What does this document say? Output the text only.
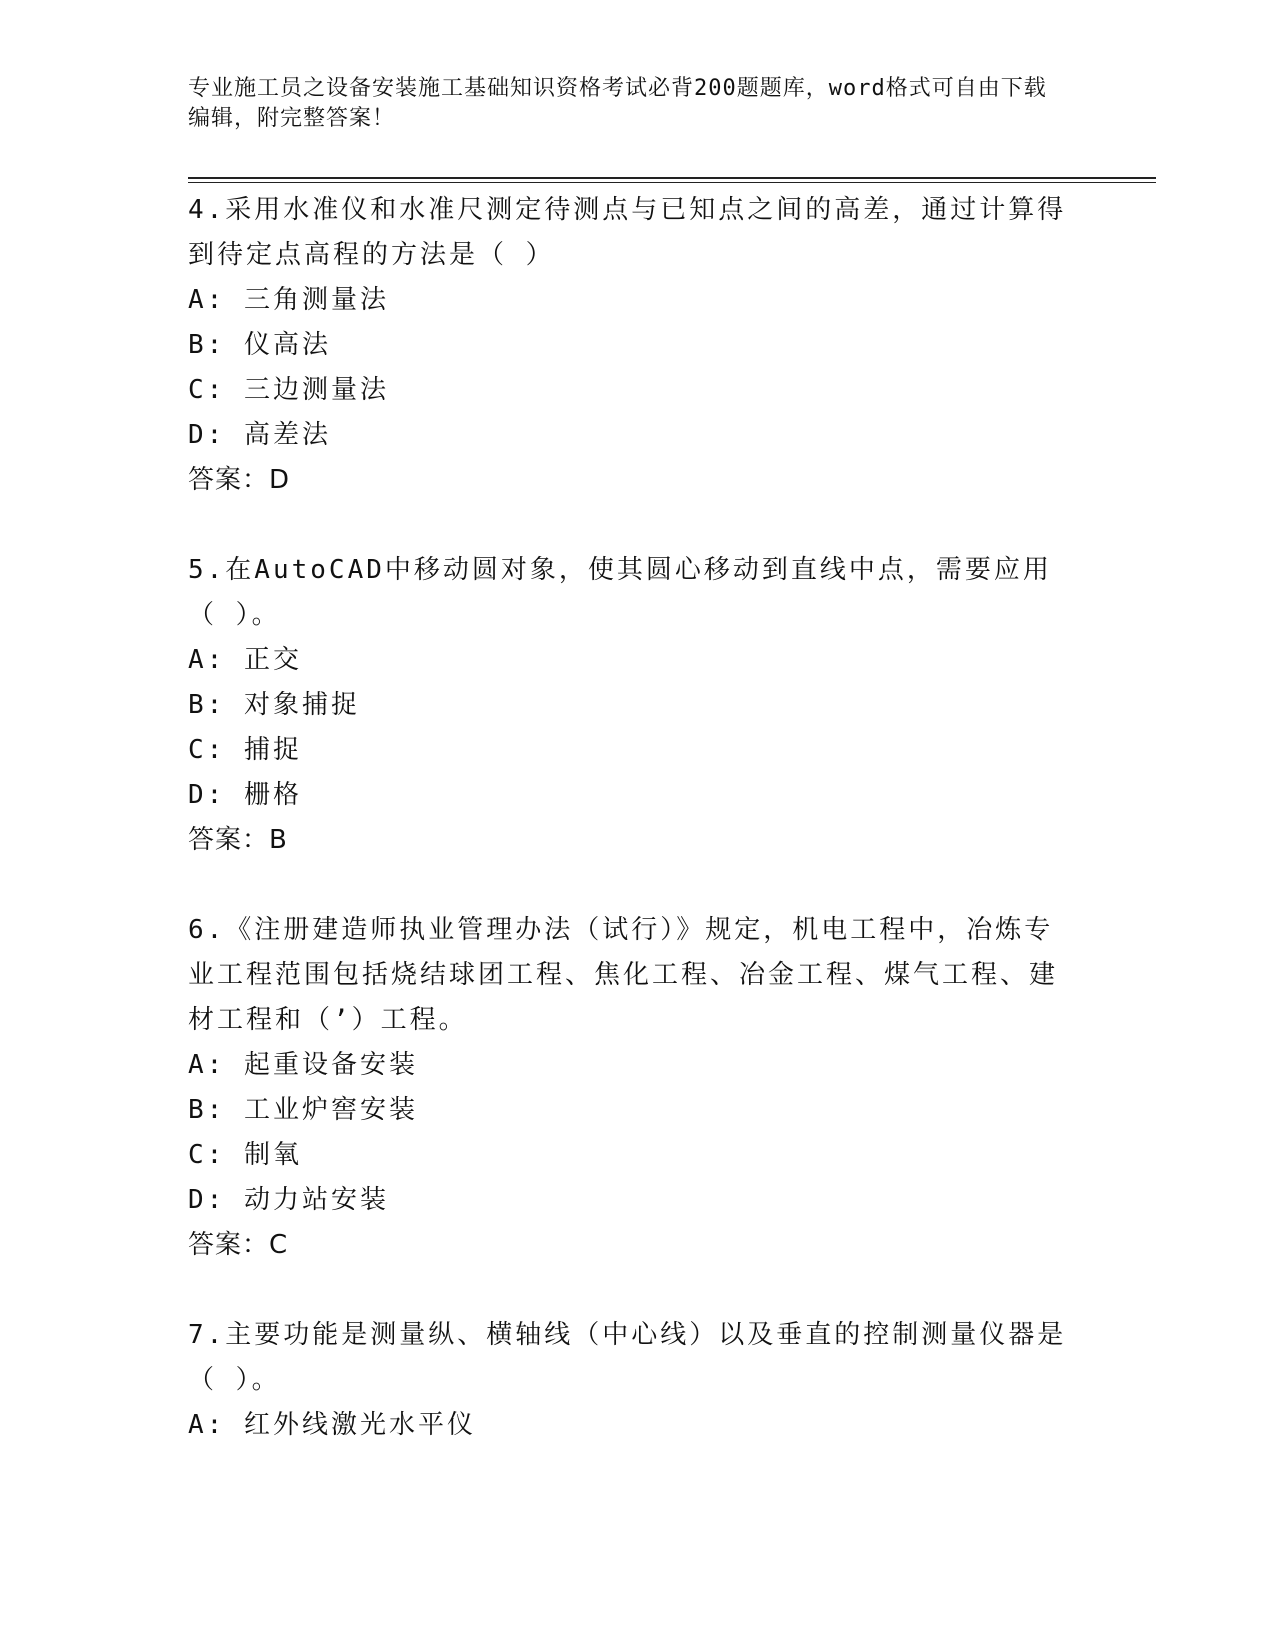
专业施工员之设备安装施工基础知识资格考试必背200题题库，word格式可自由下载编辑，附完整答案！

4.采用水准仪和水准尺测定待测点与已知点之间的高差，通过计算得到待定点高程的方法是（ ）

A: 三角测量法

B: 仪高法

C: 三边测量法

D: 高差法

答案：D

5.在AutoCAD中移动圆对象，使其圆心移动到直线中点，需要应用（ ）。

A: 正交

B: 对象捕捉

C: 捕捉

D: 栅格

答案：B

6.《注册建造师执业管理办法（试行）》规定，机电工程中，冶炼专业工程范围包括烧结球团工程、焦化工程、冶金工程、煤气工程、建材工程和（’）工程。

A: 起重设备安装

B: 工业炉窖安装

C: 制氧

D: 动力站安装

答案：C

7.主要功能是测量纵、横轴线（中心线）以及垂直的控制测量仪器是（ ）。

A: 红外线激光水平仪
